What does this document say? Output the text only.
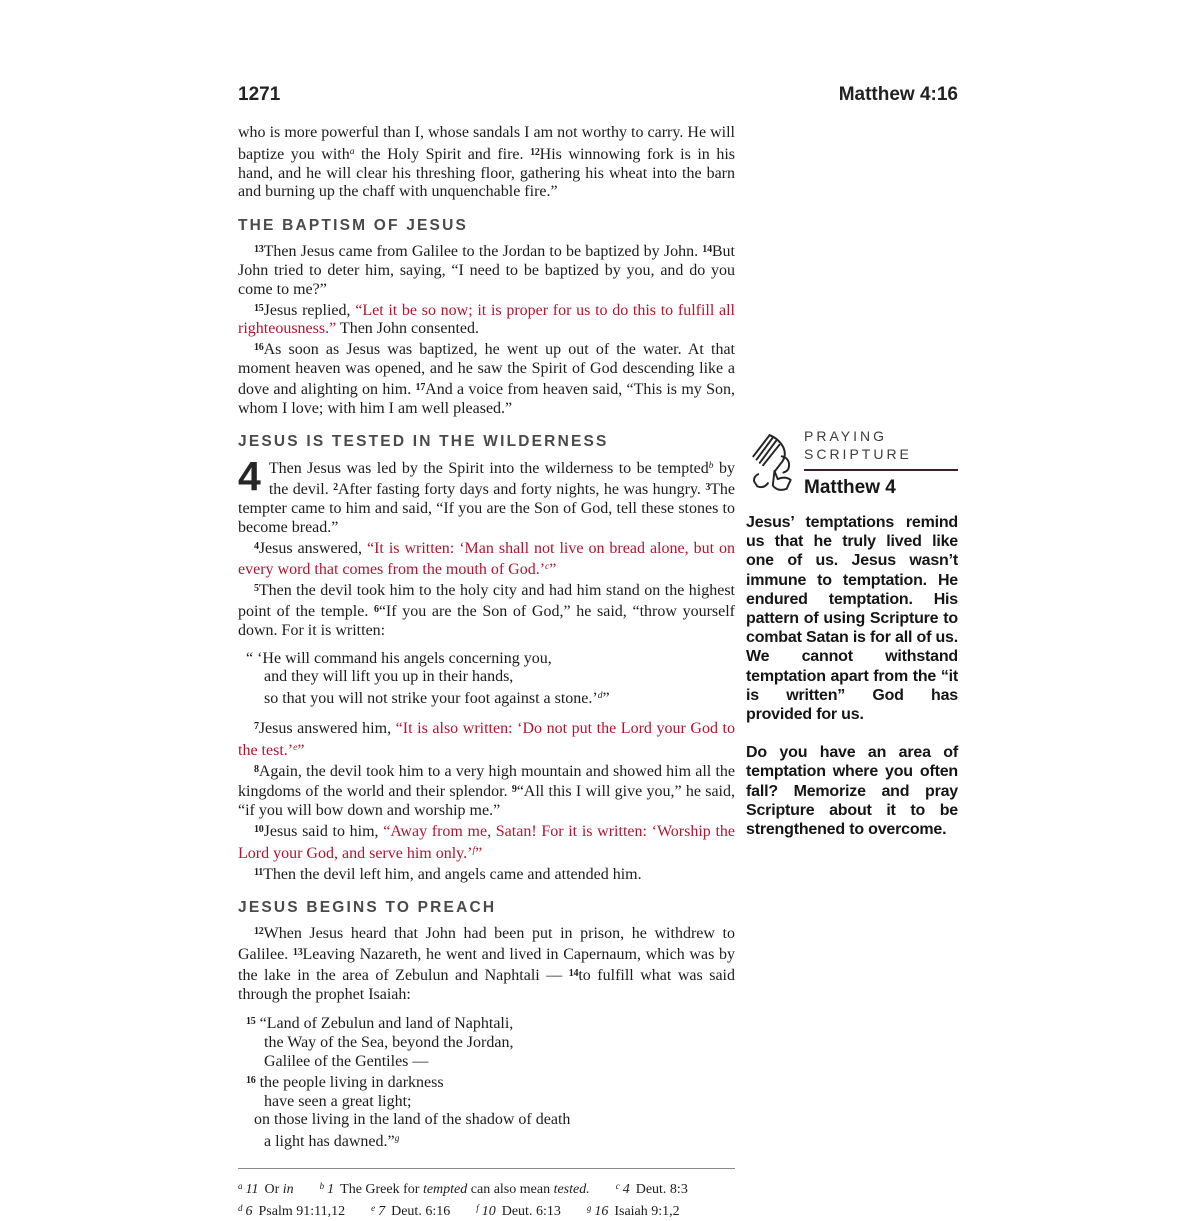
1271	Matthew 4:16

who is more powerful than I, whose sandals I am not worthy to carry. He will baptize you with$^a$ the Holy Spirit and fire. $^{12}$His winnowing fork is in his hand, and he will clear his threshing floor, gathering his wheat into the barn and burning up the chaff with unquenchable fire.”

THE BAPTISM OF JESUS

$^{13}$Then Jesus came from Galilee to the Jordan to be baptized by John. $^{14}$But John tried to deter him, saying, “I need to be baptized by you, and do you come to me?”

$^{15}$Jesus replied, “Let it be so now; it is proper for us to do this to fulfill all righteousness.” Then John consented.

$^{16}$As soon as Jesus was baptized, he went up out of the water. At that moment heaven was opened, and he saw the Spirit of God descending like a dove and alighting on him. $^{17}$And a voice from heaven said, “This is my Son, whom I love; with him I am well pleased.”

JESUS IS TESTED IN THE WILDERNESS

4 Then Jesus was led by the Spirit into the wilderness to be tempted$^b$ by the devil. $^2$After fasting forty days and forty nights, he was hungry. $^3$The tempter came to him and said, “If you are the Son of God, tell these stones to become bread.”

$^4$Jesus answered, “It is written: ‘Man shall not live on bread alone, but on every word that comes from the mouth of God.’$^c$”

$^5$Then the devil took him to the holy city and had him stand on the highest point of the temple. $^6$“If you are the Son of God,” he said, “throw yourself down. For it is written:

“ ‘He will command his angels concerning you,
and they will lift you up in their hands,
so that you will not strike your foot against a stone.’$^d$”

$^7$Jesus answered him, “It is also written: ‘Do not put the Lord your God to the test.’$^e$”

$^8$Again, the devil took him to a very high mountain and showed him all the kingdoms of the world and their splendor. $^9$“All this I will give you,” he said, “if you will bow down and worship me.”

$^{10}$Jesus said to him, “Away from me, Satan! For it is written: ‘Worship the Lord your God, and serve him only.’$^f$”

$^{11}$Then the devil left him, and angels came and attended him.

JESUS BEGINS TO PREACH

$^{12}$When Jesus heard that John had been put in prison, he withdrew to Galilee. $^{13}$Leaving Nazareth, he went and lived in Capernaum, which was by the lake in the area of Zebulun and Naphtali — $^{14}$to fulfill what was said through the prophet Isaiah:

$^{15}$ “Land of Zebulun and land of Naphtali,
the Way of the Sea, beyond the Jordan,
Galilee of the Gentiles —
$^{16}$ the people living in darkness
have seen a great light;
on those living in the land of the shadow of death
a light has dawned.”$^g$

$^a$ 11 Or in	$^b$ 1 The Greek for tempted can also mean tested.	$^c$ 4 Deut. 8:3

$^d$ 6 Psalm 91:11,12	$^e$ 7 Deut. 6:16	$^f$ 10 Deut. 6:13	$^g$ 16 Isaiah 9:1,2

PRAYING
SCRIPTURE
Matthew 4

Jesus’ temptations remind us that he truly lived like one of us. Jesus wasn’t immune to temptation. He endured temptation. His pattern of using Scripture to combat Satan is for all of us. We cannot withstand temptation apart from the “it is written” God has provided for us.

Do you have an area of temptation where you often fall? Memorize and pray Scripture about it to be strengthened to overcome.
